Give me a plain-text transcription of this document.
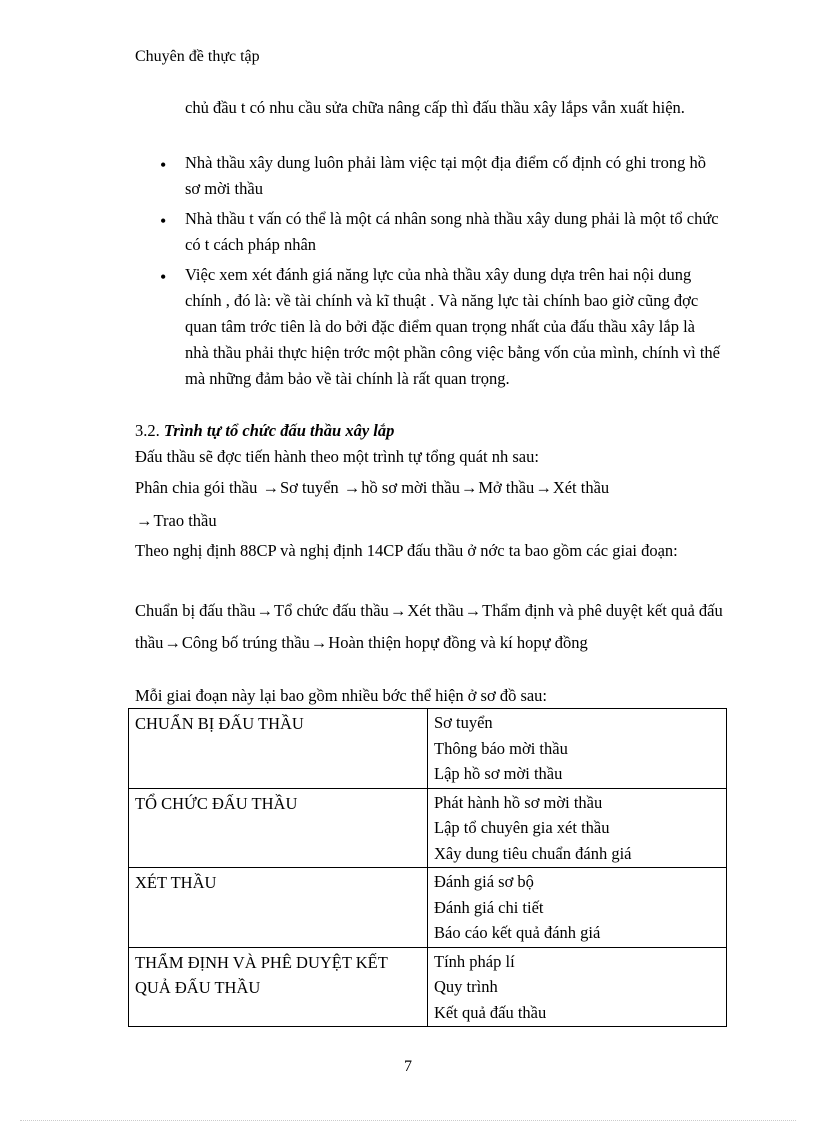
Chuyên đề thực tập
chủ đầu t có nhu cầu sửa chữa nâng cấp thì đấu thầu xây lắps vẫn xuất hiện.
• Nhà thầu xây dung luôn phải làm việc tại một địa điểm cố định có ghi trong hồ sơ mời thầu
• Nhà thầu t vấn có thể là một cá nhân song nhà thầu xây dung phải là một tổ chức có t cách pháp nhân
• Việc xem xét đánh giá năng lực của nhà thầu xây dung dựa trên hai nội dung chính , đó là: về tài chính và kĩ thuật . Và năng lực tài chính bao giờ cũng đợc quan tâm trớc tiên là do bởi đặc điểm quan trọng nhất của đấu thầu xây lắp là nhà thầu phải thực hiện trớc một phần công việc bằng vốn của mình, chính vì thế mà những đảm bảo về tài chính là rất quan trọng.
3.2. Trình tự tổ chức đấu thầu xây lắp
Đấu thầu sẽ đợc tiến hành theo một trình tự tổng quát nh sau:
Phân chia gói thầu →Sơ tuyển →hồ sơ mời thầu→Mở thầu→Xét thầu
→Trao thầu
Theo nghị định 88CP và nghị định 14CP đấu thầu ở nớc ta bao gồm các giai đoạn:
Chuẩn bị đấu thầu→Tổ chức đấu thầu→Xét thầu→Thẩm định và phê duyệt kết quả đấu thầu→Công bố trúng thầu→Hoàn thiện hopự đồng và kí hopự đồng
Mỗi giai đoạn này lại bao gồm nhiều bớc thể hiện ở sơ đồ sau:
CHUẨN BỊ ĐẤU THẦU	Sơ tuyển
Thông báo mời thầu
Lập hồ sơ mời thầu

TỔ CHỨC ĐẤU THẦU	Phát hành hồ sơ mời thầu
Lập tổ chuyên gia xét thầu
Xây dung tiêu chuẩn đánh giá

XÉT THẦU	Đánh giá sơ bộ
Đánh giá chi tiết
Báo cáo kết quả đánh giá

THẨM ĐỊNH VÀ PHÊ DUYỆT KẾT QUẢ ĐẤU THẦU	Tính pháp lí
Quy trình
Kết quả đấu thầu
7
